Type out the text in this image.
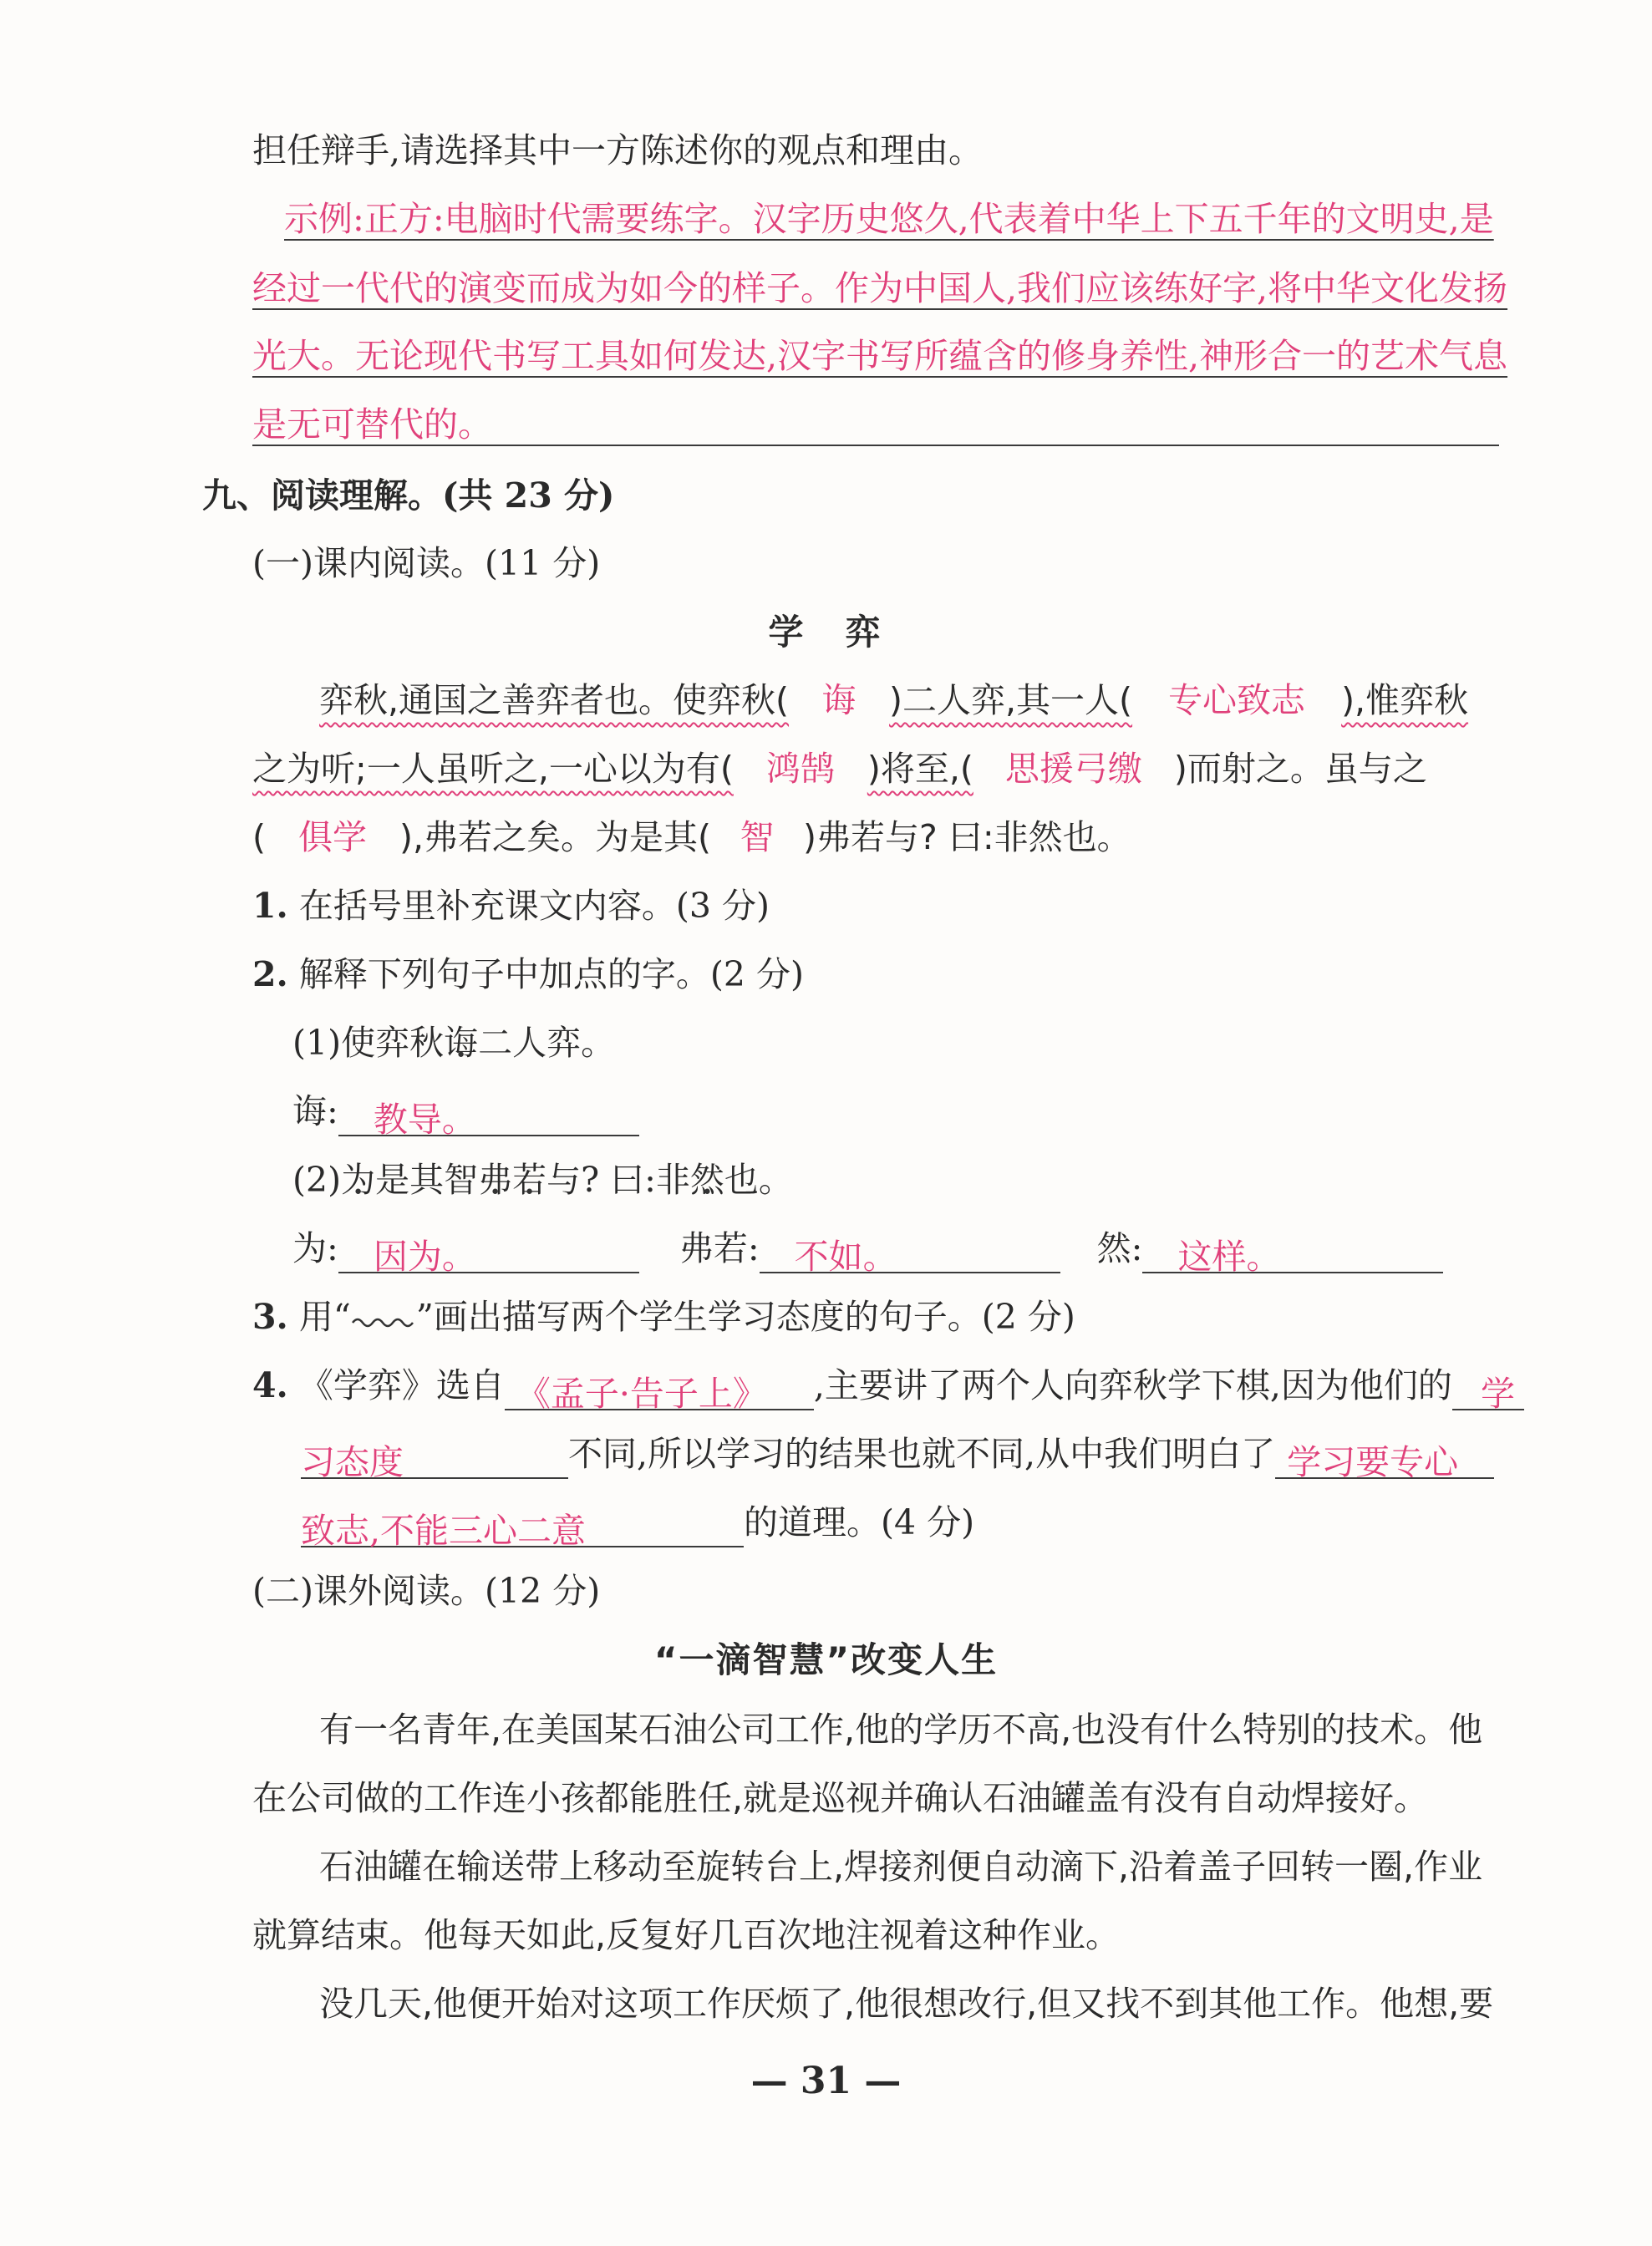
担任辩手,请选择其中一方陈述你的观点和理由。
示例:正方:电脑时代需要练字。汉字历史悠久,代表着中华上下五千年的文明史,是
经过一代代的演变而成为如今的样子。作为中国人,我们应该练好字,将中华文化发扬
光大。无论现代书写工具如何发达,汉字书写所蕴含的修身养性,神形合一的艺术气息
是无可替代的。
九、阅读理解。(共 23 分)
(一)课内阅读。(11 分)
学　弈
弈秋,通国之善弈者也。使弈秋( 诲 )二人弈,其一人( 专心致志 ),惟弈秋
之为听;一人虽听之,一心以为有( 鸿鹄 )将至,( 思援弓缴 )而射之。虽与之
( 俱学 ),弗若之矣。为是其( 智 )弗若与? 曰:非然也。
1. 在括号里补充课文内容。(3 分)
2. 解释下列句子中加点的字。(2 分)
(1)使弈秋诲二人弈。
诲: 教导。
(2)为是其智弗若与? 曰:非然也。
为: 因为。	弗若: 不如。	然: 这样。
3. 用“ ”画出描写两个学生学习态度的句子。(2 分)
4. 《学弈》选自 《孟子·告子上》 ,主要讲了两个人向弈秋学下棋,因为他们的 学
习态度	不同,所以学习的结果也就不同,从中我们明白了 学习要专心
致志,不能三心二意	的道理。(4 分)
(二)课外阅读。(12 分)
“一滴智慧”改变人生
有一名青年,在美国某石油公司工作,他的学历不高,也没有什么特别的技术。他
在公司做的工作连小孩都能胜任,就是巡视并确认石油罐盖有没有自动焊接好。
石油罐在输送带上移动至旋转台上,焊接剂便自动滴下,沿着盖子回转一圈,作业
就算结束。他每天如此,反复好几百次地注视着这种作业。
没几天,他便开始对这项工作厌烦了,他很想改行,但又找不到其他工作。他想,要
— 31 —
